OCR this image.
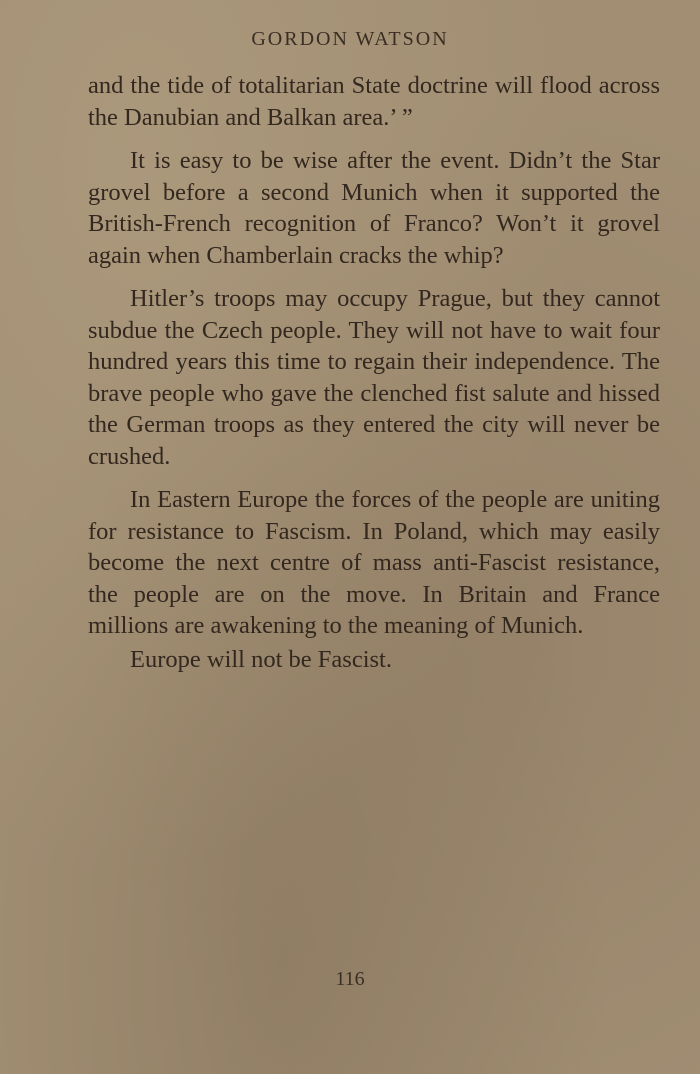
GORDON WATSON

and the tide of totalitarian State doctrine will flood across the Danubian and Balkan area.’ ”

It is easy to be wise after the event. Didn’t the Star grovel before a second Munich when it supported the British-French recognition of Franco? Won’t it grovel again when Chamberlain cracks the whip?

Hitler’s troops may occupy Prague, but they cannot subdue the Czech people. They will not have to wait four hundred years this time to regain their independence. The brave people who gave the clenched fist salute and hissed the German troops as they entered the city will never be crushed.

In Eastern Europe the forces of the people are uniting for resistance to Fascism. In Poland, which may easily become the next centre of mass anti-Fascist resistance, the people are on the move. In Britain and France millions are awakening to the meaning of Munich.

Europe will not be Fascist.

116
